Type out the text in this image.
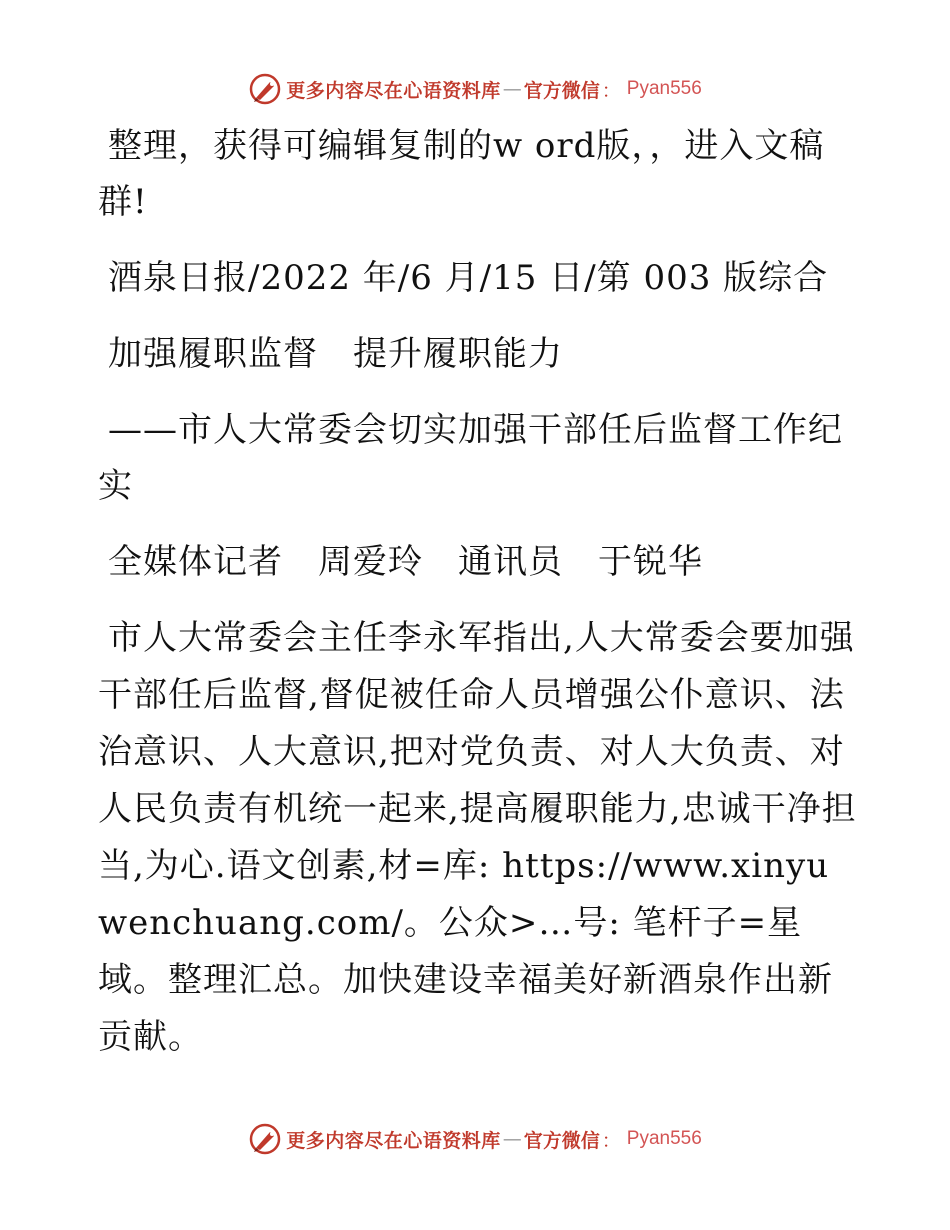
更多内容尽在心语资料库 — 官方微信 ： Pyan556

整理，获得可编辑复制的w ord版，，进入文稿群!

酒泉日报/2022 年/6 月/15 日/第 003 版综合

加强履职监督　提升履职能力

——市人大常委会切实加强干部任后监督工作纪实

全媒体记者　周爱玲　通讯员　于锐华

市人大常委会主任李永军指出,人大常委会要加强干部任后监督,督促被任命人员增强公仆意识、法治意识、人大意识,把对党负责、对人大负责、对人民负责有机统一起来,提高履职能力,忠诚干净担当,为心.语文创素,材=库: https://www.xinyuwenchuang.com/。公众>…号: 笔杆子=星域。整理汇总。加快建设幸福美好新酒泉作出新贡献。

更多内容尽在心语资料库 — 官方微信 ： Pyan556
